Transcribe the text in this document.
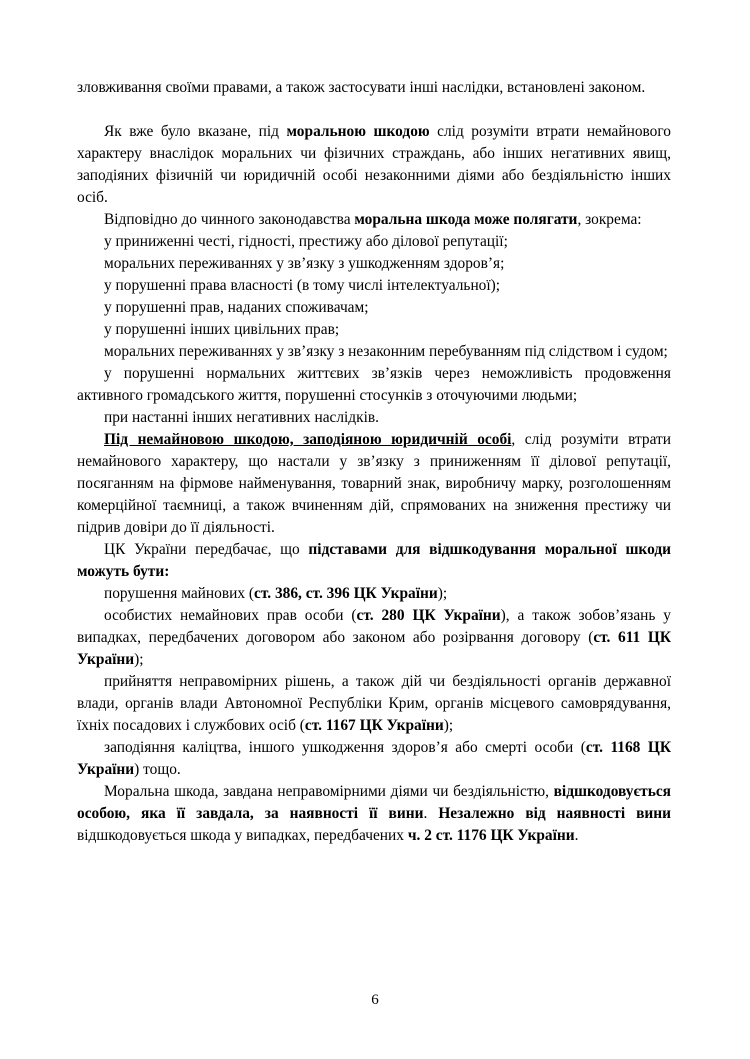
зловживання своїми правами, а також застосувати інші наслідки, встановлені законом.

Як вже було вказане, під моральною шкодою слід розуміти втрати немайнового характеру внаслідок моральних чи фізичних страждань, або інших негативних явищ, заподіяних фізичній чи юридичній особі незаконними діями або бездіяльністю інших осіб.

Відповідно до чинного законодавства моральна шкода може полягати, зокрема:

у приниженні честі, гідності, престижу або ділової репутації;

моральних переживаннях у зв’язку з ушкодженням здоров’я;

у порушенні права власності (в тому числі інтелектуальної);

у порушенні прав, наданих споживачам;

у порушенні інших цивільних прав;

моральних переживаннях у зв’язку з незаконним перебуванням під слідством і судом;

у порушенні нормальних життєвих зв’язків через неможливість продовження активного громадського життя, порушенні стосунків з оточуючими людьми;

при настанні інших негативних наслідків.

Під немайновою шкодою, заподіяною юридичній особі, слід розуміти втрати немайнового характеру, що настали у зв’язку з приниженням її ділової репутації, посяганням на фірмове найменування, товарний знак, виробничу марку, розголошенням комерційної таємниці, а також вчиненням дій, спрямованих на зниження престижу чи підрив довіри до її діяльності.

ЦК України передбачає, що підставами для відшкодування моральної шкоди можуть бути:

порушення майнових (ст. 386, ст. 396 ЦК України);

особистих немайнових прав особи (ст. 280 ЦК України), а також зобов’язань у випадках, передбачених договором або законом або розірвання договору (ст. 611 ЦК України);

прийняття неправомірних рішень, а також дій чи бездіяльності органів державної влади, органів влади Автономної Республіки Крим, органів місцевого самоврядування, їхніх посадових і службових осіб (ст. 1167 ЦК України);

заподіяння каліцтва, іншого ушкодження здоров’я або смерті особи (ст. 1168 ЦК України) тощо.

Моральна шкода, завдана неправомірними діями чи бездіяльністю, відшкодовується особою, яка її завдала, за наявності її вини. Незалежно від наявності вини відшкодовується шкода у випадках, передбачених ч. 2 ст. 1176 ЦК України.

6
